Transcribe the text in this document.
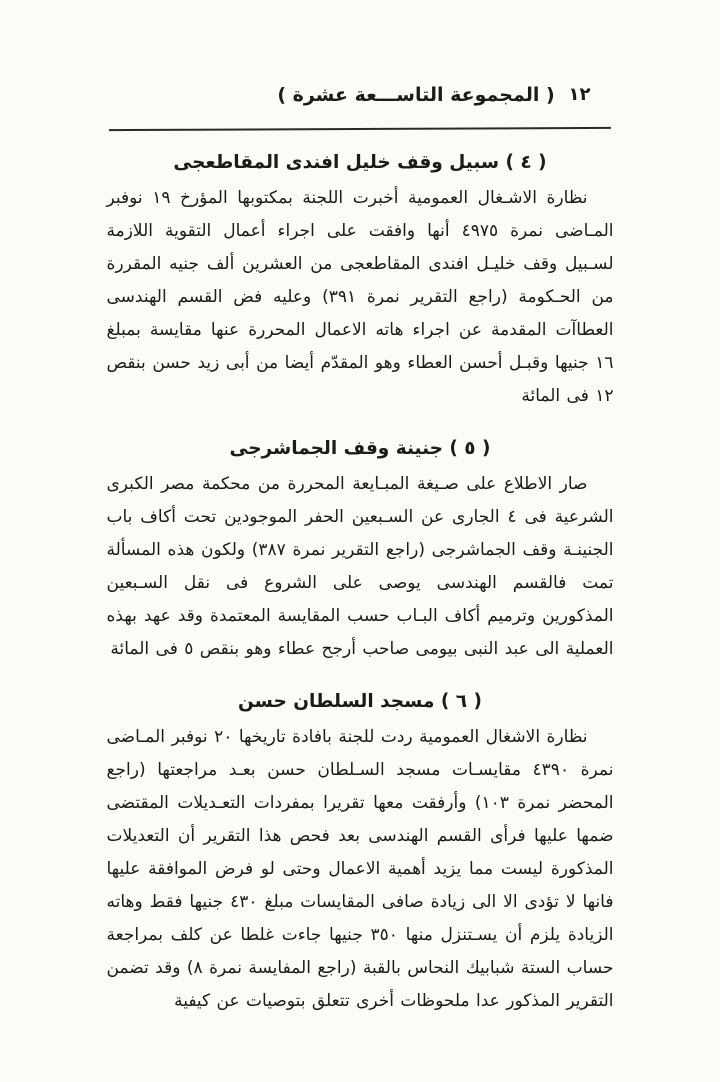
( المجموعة التاســـعة عشرة ) ١٢
( ٤ ) سبيل وقف خليل افندى المقاطعجى

نظارة الاشـغال العمومية أخبرت اللجنة بمكتوبها المؤرخ ١٩ نوفبر المـاضى نمرة ٤٩٧٥ أنها وافقت على اجراء أعمال التقوية اللازمة لسـبيل وقف خليـل افندى المقاطعجى من العشرين ألف جنيه المقررة من الحـكومة (راجع التقرير نمرة ٣٩١) وعليه فض القسم الهندسى العطاآت المقدمة عن اجراء هاته الاعمال المحررة عنها مقايسة بمبلغ ١٦ جنيها وقبـل أحسن العطاء وهو المقدّم أيضا من أبى زيد حسن بنقص ١٢ فى المائة

( ٥ ) جنينة وقف الجماشرجى

صار الاطلاع على صـيغة المبـايعة المحررة من محكمة مصر الكبرى الشرعية فى ٤ الجارى عن السـبعين الحفر الموجودين تحت أكاف باب الجنينـة وقف الجماشرجى (راجع التقرير نمرة ٣٨٧) ولكون هذه المسألة تمت فالقسم الهندسى يوصى على الشروع فى نقل السـبعين المذكورين وترميم أكاف البـاب حسب المقايسة المعتمدة وقد عهد بهذه العملية الى عبد النبى بيومى صاحب أرجح عطاء وهو بنقص ٥ فى المائة

( ٦ ) مسجد السلطان حسن

نظارة الاشغال العمومية ردت للجنة بافادة تاريخها ٢٠ نوفبر المـاضى نمرة ٤٣٩٠ مقايسـات مسجد السـلطان حسن بعـد مراجعتها (راجع المحضر نمرة ١٠٣) وأرفقت معها تقريرا بمفردات التعـديلات المقتضى ضمها عليها فرأى القسم الهندسى بعد فحص هذا التقرير أن التعديلات المذكورة ليست مما يزيد أهمية الاعمال وحتى لو فرض الموافقة عليها فانها لا تؤدى الا الى زيادة صافى المقايسات مبلغ ٤٣٠ جنيها فقط وهاته الزيادة يلزم أن يسـتنزل منها ٣٥٠ جنيها جاءت غلطا عن كلف بمراجعة حساب الستة شبابيك النحاس بالقبة (راجع المفايسة نمرة ٨) وقد تضمن التقرير المذكور عدا ملحوظات أخرى تتعلق بتوصيات عن كيفية
